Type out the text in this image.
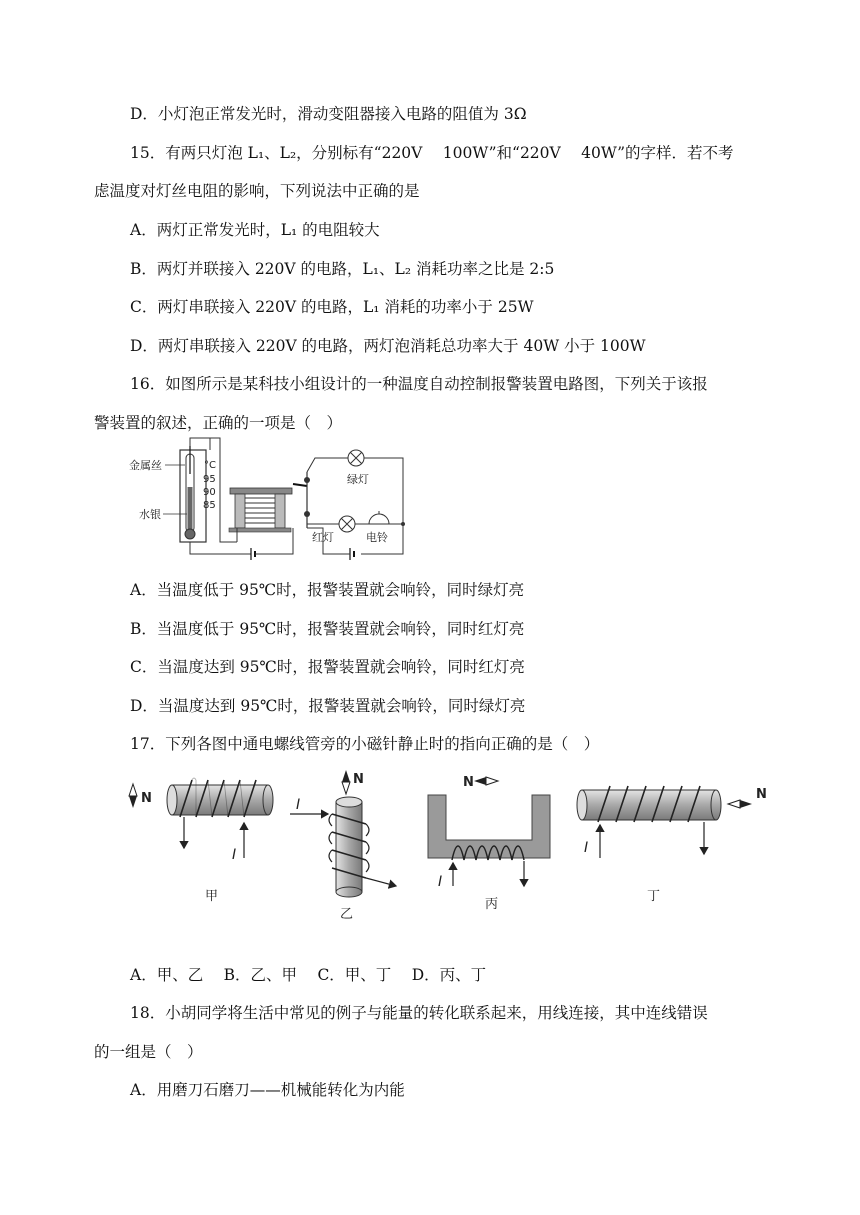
D．小灯泡正常发光时，滑动变阻器接入电路的阻值为 3Ω
15．有两只灯泡 L₁、L₂，分别标有“220V　 100W”和“220V　 40W”的字样．若不考
虑温度对灯丝电阻的影响，下列说法中正确的是
A．两灯正常发光时，L₁ 的电阻较大
B．两灯并联接入 220V 的电路，L₁、L₂ 消耗功率之比是 2:5
C．两灯串联接入 220V 的电路，L₁ 消耗的功率小于 25W
D．两灯串联接入 220V 的电路，两灯泡消耗总功率大于 40W 小于 100W
16．如图所示是某科技小组设计的一种温度自动控制报警装置电路图，下列关于该报
警装置的叙述，正确的一项是（　）
金属丝
水银
°C
95
90
85
绿灯
红灯	电铃
A．当温度低于 95℃时，报警装置就会响铃，同时绿灯亮
B．当温度低于 95℃时，报警装置就会响铃，同时红灯亮
C．当温度达到 95℃时，报警装置就会响铃，同时红灯亮
D．当温度达到 95℃时，报警装置就会响铃，同时绿灯亮
17．下列各图中通电螺线管旁的小磁针静止时的指向正确的是（　）
N
I
甲
N
I
乙
N
I
丙
I
N
丁
A．甲、乙　 B．乙、甲　 C．甲、丁　 D．丙、丁
18．小胡同学将生活中常见的例子与能量的转化联系起来，用线连接，其中连线错误
的一组是（　）
A．用磨刀石磨刀——机械能转化为内能
